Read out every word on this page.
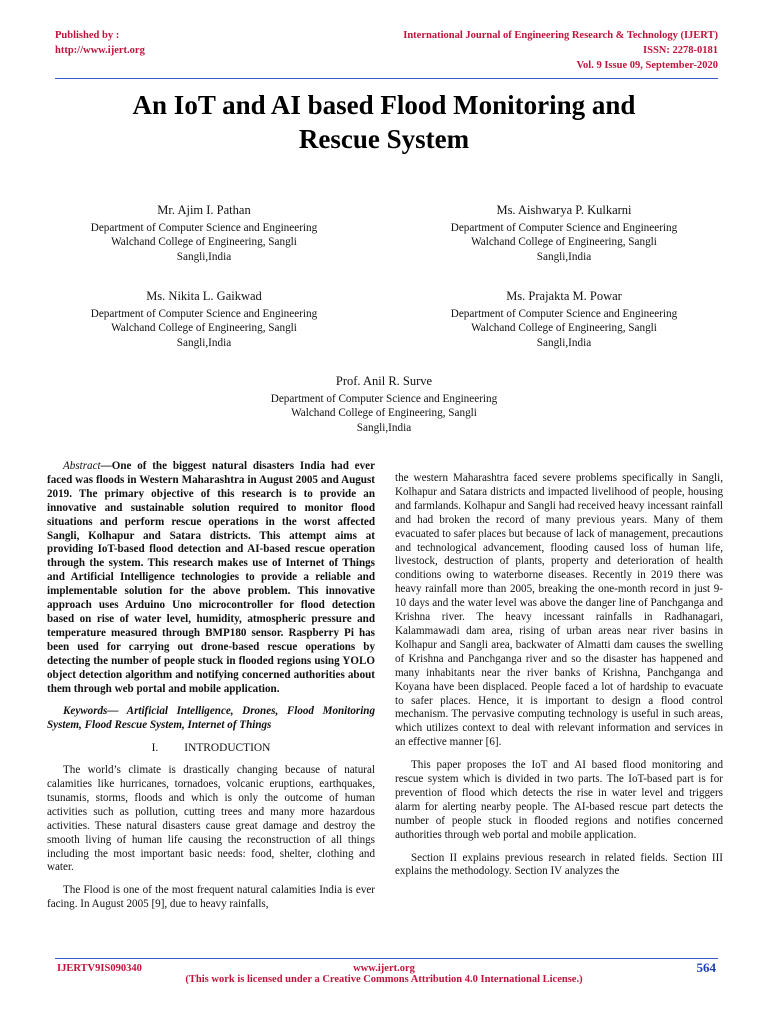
Published by :
http://www.ijert.org
International Journal of Engineering Research & Technology (IJERT)
ISSN: 2278-0181
Vol. 9 Issue 09, September-2020
An IoT and AI based Flood Monitoring and
Rescue System
Mr. Ajim I. Pathan
Department of Computer Science and Engineering
Walchand College of Engineering, Sangli
Sangli,India
Ms. Aishwarya P. Kulkarni
Department of Computer Science and Engineering
Walchand College of Engineering, Sangli
Sangli,India
Ms. Nikita L. Gaikwad
Department of Computer Science and Engineering
Walchand College of Engineering, Sangli
Sangli,India
Ms. Prajakta M. Powar
Department of Computer Science and Engineering
Walchand College of Engineering, Sangli
Sangli,India
Prof. Anil R. Surve
Department of Computer Science and Engineering
Walchand College of Engineering, Sangli
Sangli,India

Abstract—One of the biggest natural disasters India had ever faced was floods in Western Maharashtra in August 2005 and August 2019. The primary objective of this research is to provide an innovative and sustainable solution required to monitor flood situations and perform rescue operations in the worst affected Sangli, Kolhapur and Satara districts. This attempt aims at providing IoT-based flood detection and AI-based rescue operation through the system. This research makes use of Internet of Things and Artificial Intelligence technologies to provide a reliable and implementable solution for the above problem. This innovative approach uses Arduino Uno microcontroller for flood detection based on rise of water level, humidity, atmospheric pressure and temperature measured through BMP180 sensor. Raspberry Pi has been used for carrying out drone-based rescue operations by detecting the number of people stuck in flooded regions using YOLO object detection algorithm and notifying concerned authorities about them through web portal and mobile application.

Keywords— Artificial Intelligence, Drones, Flood Monitoring System, Flood Rescue System, Internet of Things

I. INTRODUCTION

The world’s climate is drastically changing because of natural calamities like hurricanes, tornadoes, volcanic eruptions, earthquakes, tsunamis, storms, floods and which is only the outcome of human activities such as pollution, cutting trees and many more hazardous activities. These natural disasters cause great damage and destroy the smooth living of human life causing the reconstruction of all things including the most important basic needs: food, shelter, clothing and water.

The Flood is one of the most frequent natural calamities India is ever facing. In August 2005 [9], due to heavy rainfalls,

the western Maharashtra faced severe problems specifically in Sangli, Kolhapur and Satara districts and impacted livelihood of people, housing and farmlands. Kolhapur and Sangli had received heavy incessant rainfall and had broken the record of many previous years. Many of them evacuated to safer places but because of lack of management, precautions and technological advancement, flooding caused loss of human life, livestock, destruction of plants, property and deterioration of health conditions owing to waterborne diseases. Recently in 2019 there was heavy rainfall more than 2005, breaking the one-month record in just 9-10 days and the water level was above the danger line of Panchganga and Krishna river. The heavy incessant rainfalls in Radhanagari, Kalammawadi dam area, rising of urban areas near river basins in Kolhapur and Sangli area, backwater of Almatti dam causes the swelling of Krishna and Panchganga river and so the disaster has happened and many inhabitants near the river banks of Krishna, Panchganga and Koyana have been displaced. People faced a lot of hardship to evacuate to safer places. Hence, it is important to design a flood control mechanism. The pervasive computing technology is useful in such areas, which utilizes context to deal with relevant information and services in an effective manner [6].

This paper proposes the IoT and AI based flood monitoring and rescue system which is divided in two parts. The IoT-based part is for prevention of flood which detects the rise in water level and triggers alarm for alerting nearby people. The AI-based rescue part detects the number of people stuck in flooded regions and notifies concerned authorities through web portal and mobile application.

Section II explains previous research in related fields. Section III explains the methodology. Section IV analyzes the

IJERTV9IS090340	www.ijert.org
(This work is licensed under a Creative Commons Attribution 4.0 International License.)
564
